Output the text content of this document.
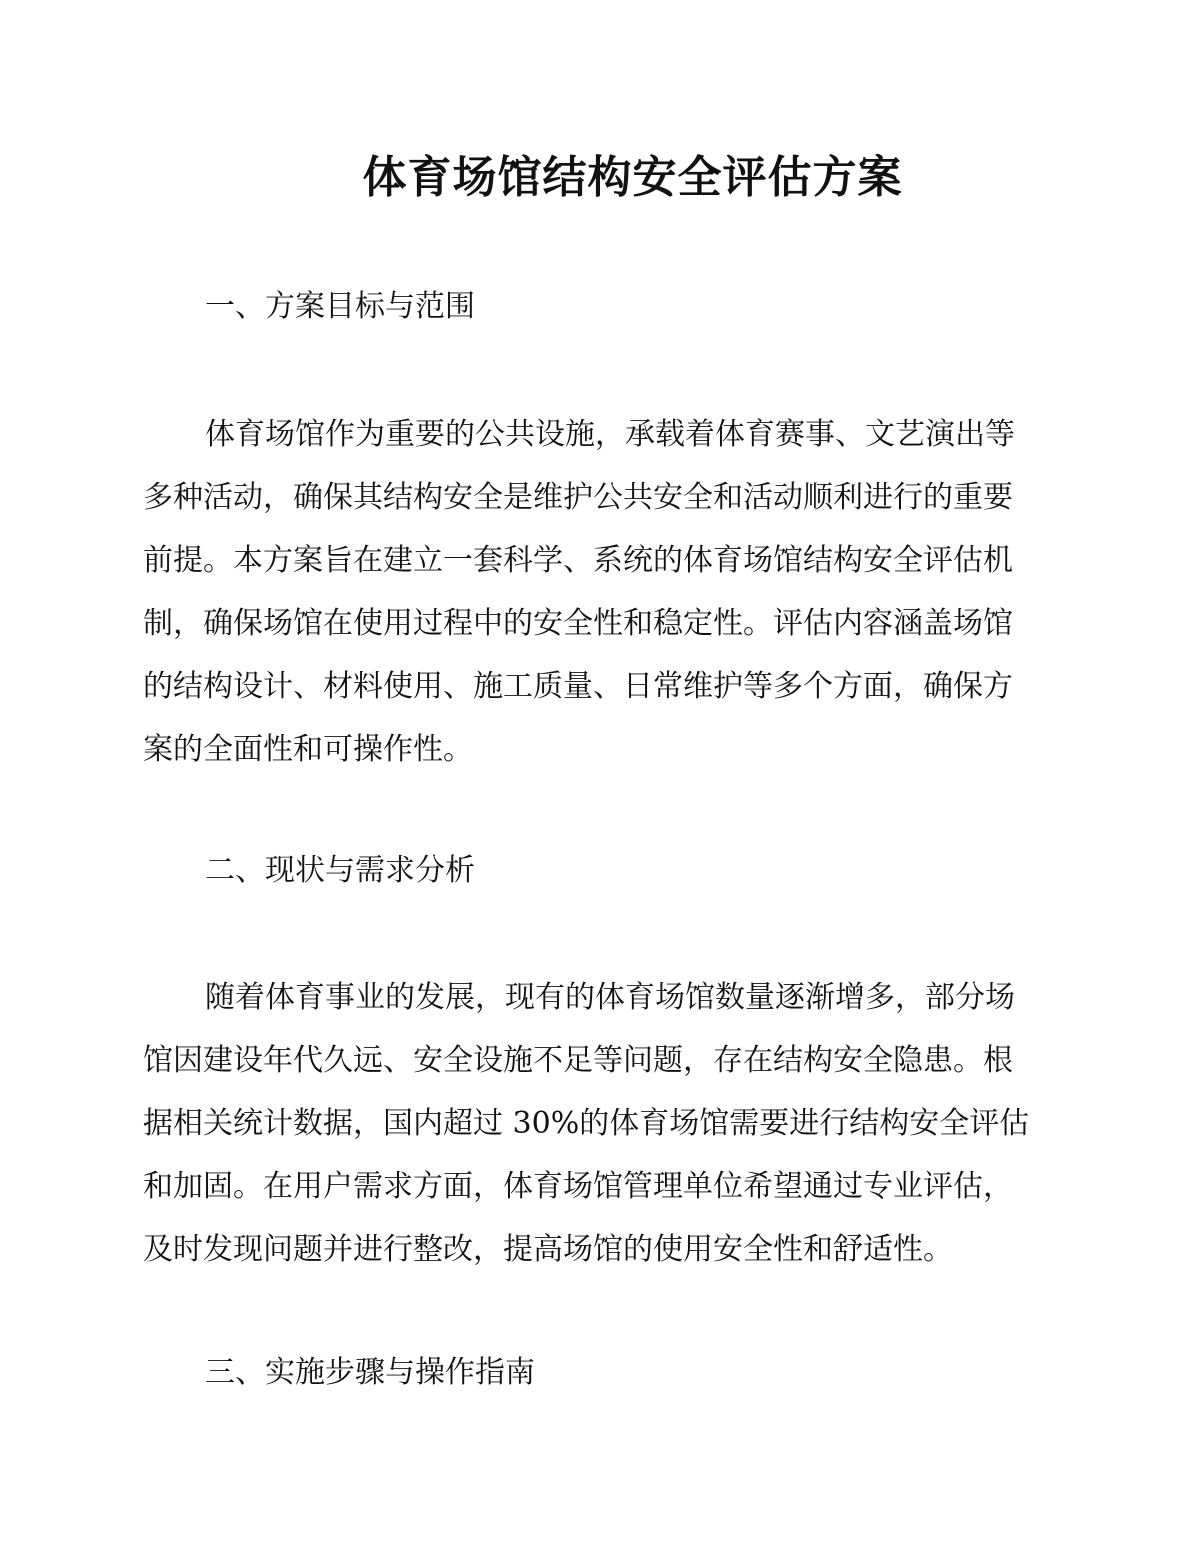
体育场馆结构安全评估方案
一、方案目标与范围
体育场馆作为重要的公共设施，承载着体育赛事、文艺演出等
多种活动，确保其结构安全是维护公共安全和活动顺利进行的重要
前提。本方案旨在建立一套科学、系统的体育场馆结构安全评估机
制，确保场馆在使用过程中的安全性和稳定性。评估内容涵盖场馆
的结构设计、材料使用、施工质量、日常维护等多个方面，确保方
案的全面性和可操作性。
二、现状与需求分析
随着体育事业的发展，现有的体育场馆数量逐渐增多，部分场
馆因建设年代久远、安全设施不足等问题，存在结构安全隐患。根
据相关统计数据，国内超过 30%的体育场馆需要进行结构安全评估
和加固。在用户需求方面，体育场馆管理单位希望通过专业评估，
及时发现问题并进行整改，提高场馆的使用安全性和舒适性。
三、实施步骤与操作指南
